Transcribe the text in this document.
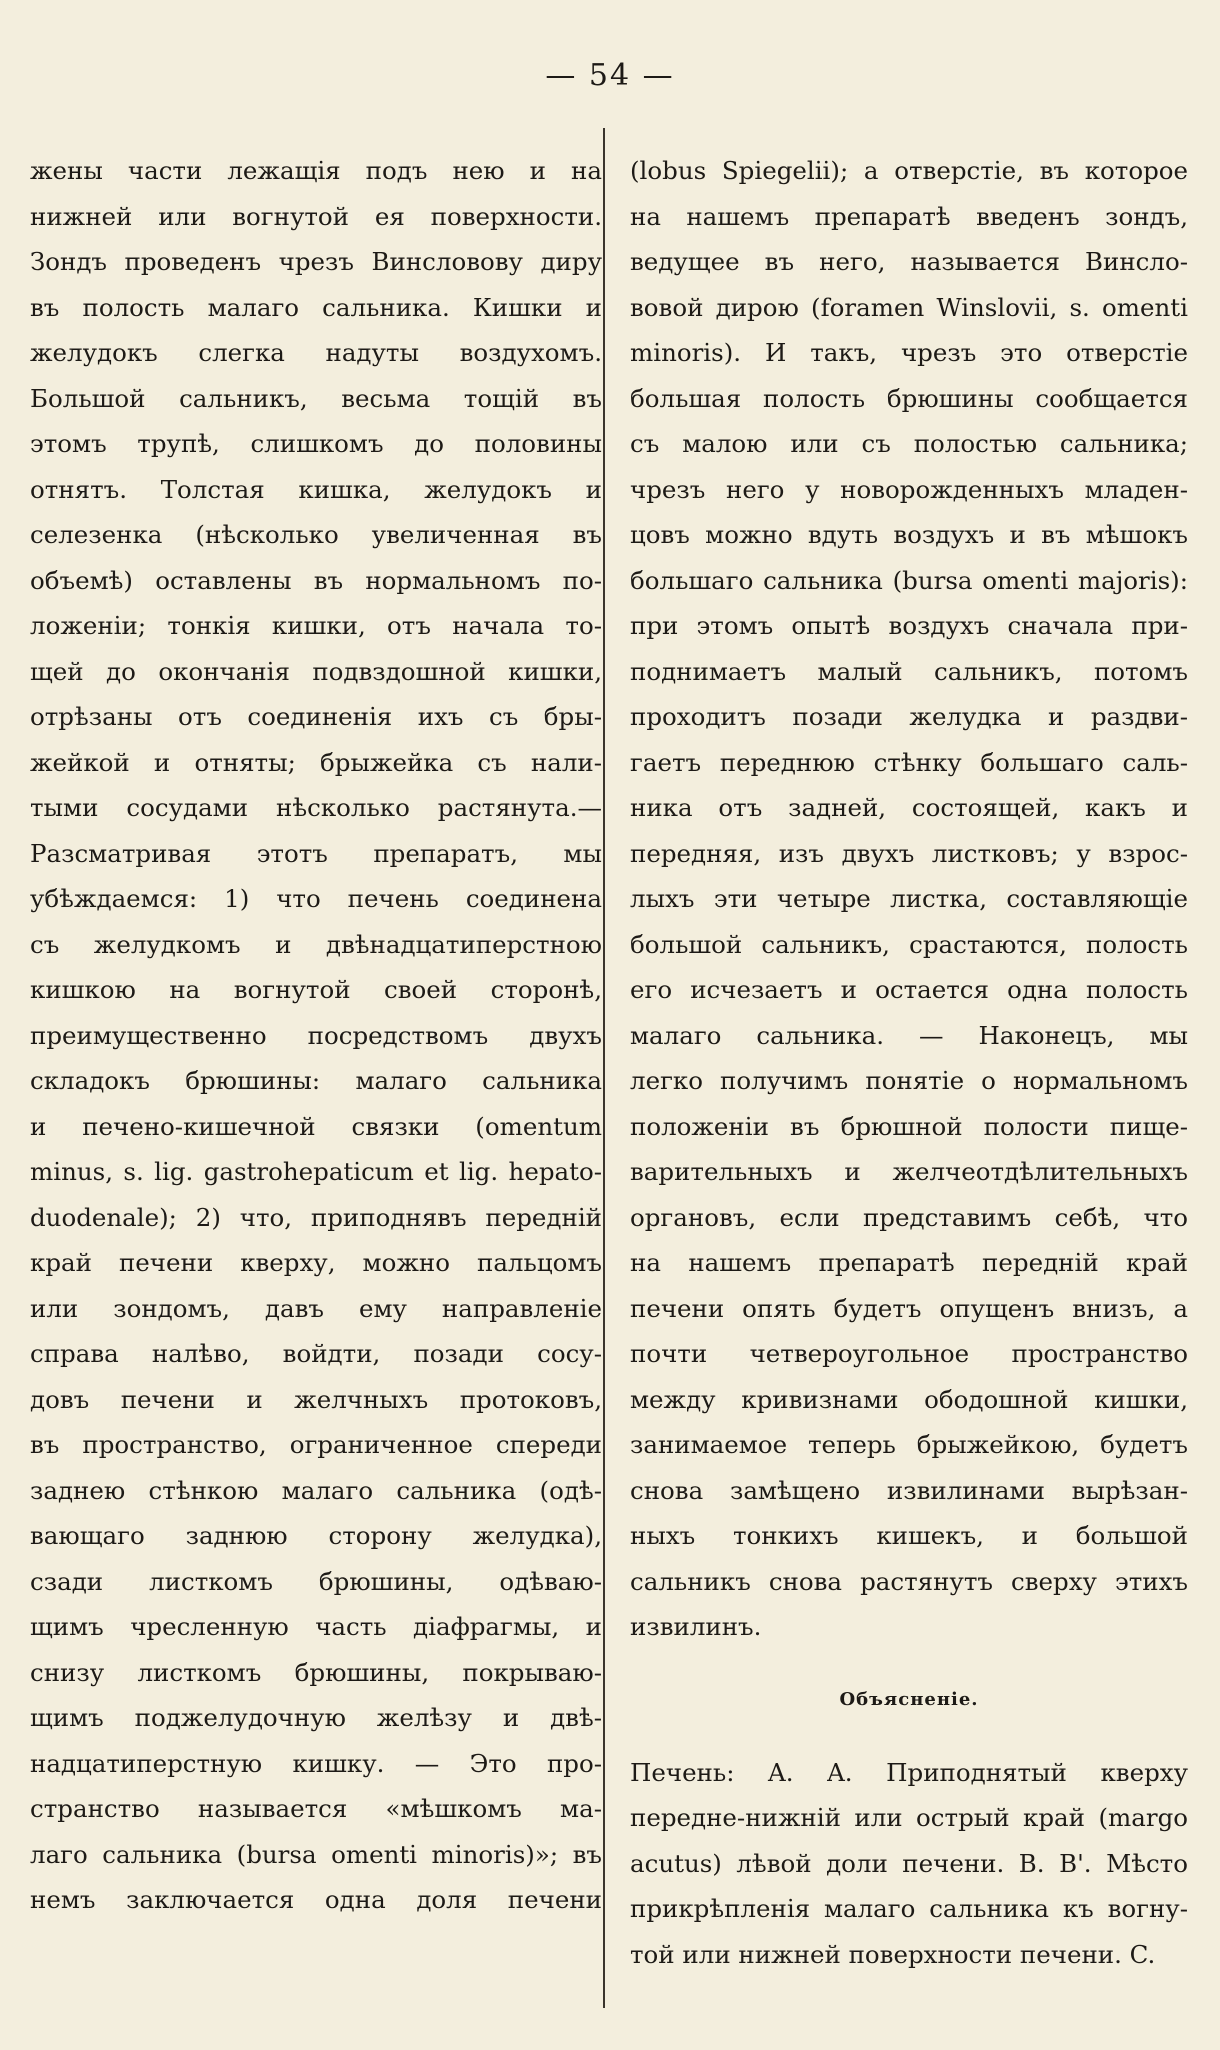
— 54 —
жены части лежащія подъ нею и на
нижней или вогнутой ея поверхности.
Зондъ проведенъ чрезъ Винсловову диру
въ полость малаго сальника. Кишки и
желудокъ слегка надуты воздухомъ.
Большой сальникъ, весьма тощій въ
этомъ трупѣ, слишкомъ до половины
отнятъ. Толстая кишка, желудокъ и
селезенка (нѣсколько увеличенная въ
объемѣ) оставлены въ нормальномъ по-
ложеніи; тонкія кишки, отъ начала то-
щей до окончанія подвздошной кишки,
отрѣзаны отъ соединенія ихъ съ бры-
жейкой и отняты; брыжейка съ нали-
тыми сосудами нѣсколько растянута.—
Разсматривая этотъ препаратъ, мы
убѣждаемся: 1) что печень соединена
съ желудкомъ и двѣнадцатиперстною
кишкою на вогнутой своей сторонѣ,
преимущественно посредствомъ двухъ
складокъ брюшины: малаго сальника
и печено-кишечной связки (omentum
minus, s. lig. gastrohepaticum et lig. hepato-
duodenale); 2) что, приподнявъ передній
край печени кверху, можно пальцомъ
или зондомъ, давъ ему направленіе
справа налѣво, войдти, позади сосу-
довъ печени и желчныхъ протоковъ,
въ пространство, ограниченное спереди
заднею стѣнкою малаго сальника (одѣ-
вающаго заднюю сторону желудка),
сзади листкомъ брюшины, одѣваю-
щимъ чресленную часть діафрагмы, и
снизу листкомъ брюшины, покрываю-
щимъ поджелудочную желѣзу и двѣ-
надцатиперстную кишку. — Это про-
странство называется «мѣшкомъ ма-
лаго сальника (bursa omenti minoris)»; въ
немъ заключается одна доля печени
(lobus Spiegelii); а отверстіе, въ которое
на нашемъ препаратѣ введенъ зондъ,
ведущее въ него, называется Винсло-
вовой дирою (foramen Winslovii, s. omenti
minoris). И такъ, чрезъ это отверстіе
большая полость брюшины сообщается
съ малою или съ полостью сальника;
чрезъ него у новорожденныхъ младен-
цовъ можно вдуть воздухъ и въ мѣшокъ
большаго сальника (bursa omenti majoris):
при этомъ опытѣ воздухъ сначала при-
поднимаетъ малый сальникъ, потомъ
проходитъ позади желудка и раздви-
гаетъ переднюю стѣнку большаго саль-
ника отъ задней, состоящей, какъ и
передняя, изъ двухъ листковъ; у взрос-
лыхъ эти четыре листка, составляющіе
большой сальникъ, срастаются, полость
его исчезаетъ и остается одна полость
малаго сальника. — Наконецъ, мы
легко получимъ понятіе о нормальномъ
положеніи въ брюшной полости пище-
варительныхъ и желчеотдѣлительныхъ
органовъ, если представимъ себѣ, что
на нашемъ препаратѣ передній край
печени опять будетъ опущенъ внизъ, а
почти четвероугольное пространство
между кривизнами ободошной кишки,
занимаемое теперь брыжейкою, будетъ
снова замѣщено извилинами вырѣзан-
ныхъ тонкихъ кишекъ, и большой
сальникъ снова растянутъ сверху этихъ
извилинъ.
Объясненіе.
Печень: A. A. Приподнятый кверху
передне-нижній или острый край (margo
acutus) лѣвой доли печени. B. B'. Мѣсто
прикрѣпленія малаго сальника къ вогну-
той или нижней поверхности печени. C.
